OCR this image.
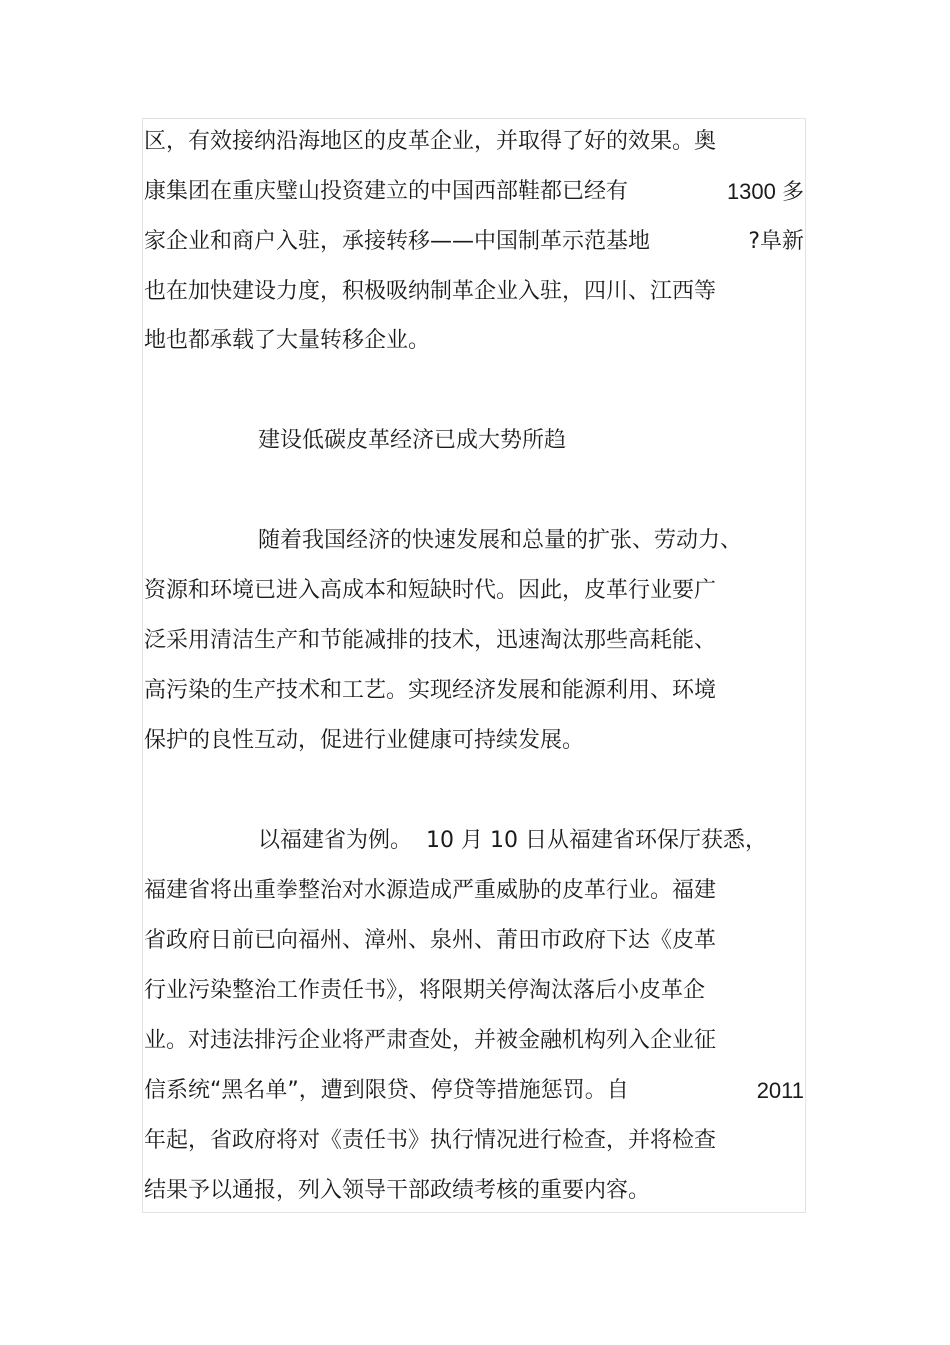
区，有效接纳沿海地区的皮革企业，并取得了好的效果。奥
康集团在重庆璧山投资建立的中国西部鞋都已经有	1300 多
家企业和商户入驻，承接转移——中国制革示范基地	?阜新
也在加快建设力度，积极吸纳制革企业入驻，四川、江西等
地也都承载了大量转移企业。
建设低碳皮革经济已成大势所趋
随着我国经济的快速发展和总量的扩张、劳动力、
资源和环境已进入高成本和短缺时代。因此，皮革行业要广
泛采用清洁生产和节能减排的技术，迅速淘汰那些高耗能、
高污染的生产技术和工艺。实现经济发展和能源利用、环境
保护的良性互动，促进行业健康可持续发展。
以福建省为例。  10 月 10 日从福建省环保厅获悉，
福建省将出重拳整治对水源造成严重威胁的皮革行业。福建
省政府日前已向福州、漳州、泉州、莆田市政府下达《皮革
行业污染整治工作责任书》，将限期关停淘汰落后小皮革企
业。对违法排污企业将严肃查处，并被金融机构列入企业征
信系统“黑名单”，遭到限贷、停贷等措施惩罚。自	2011
年起，省政府将对《责任书》执行情况进行检查，并将检查
结果予以通报，列入领导干部政绩考核的重要内容。
